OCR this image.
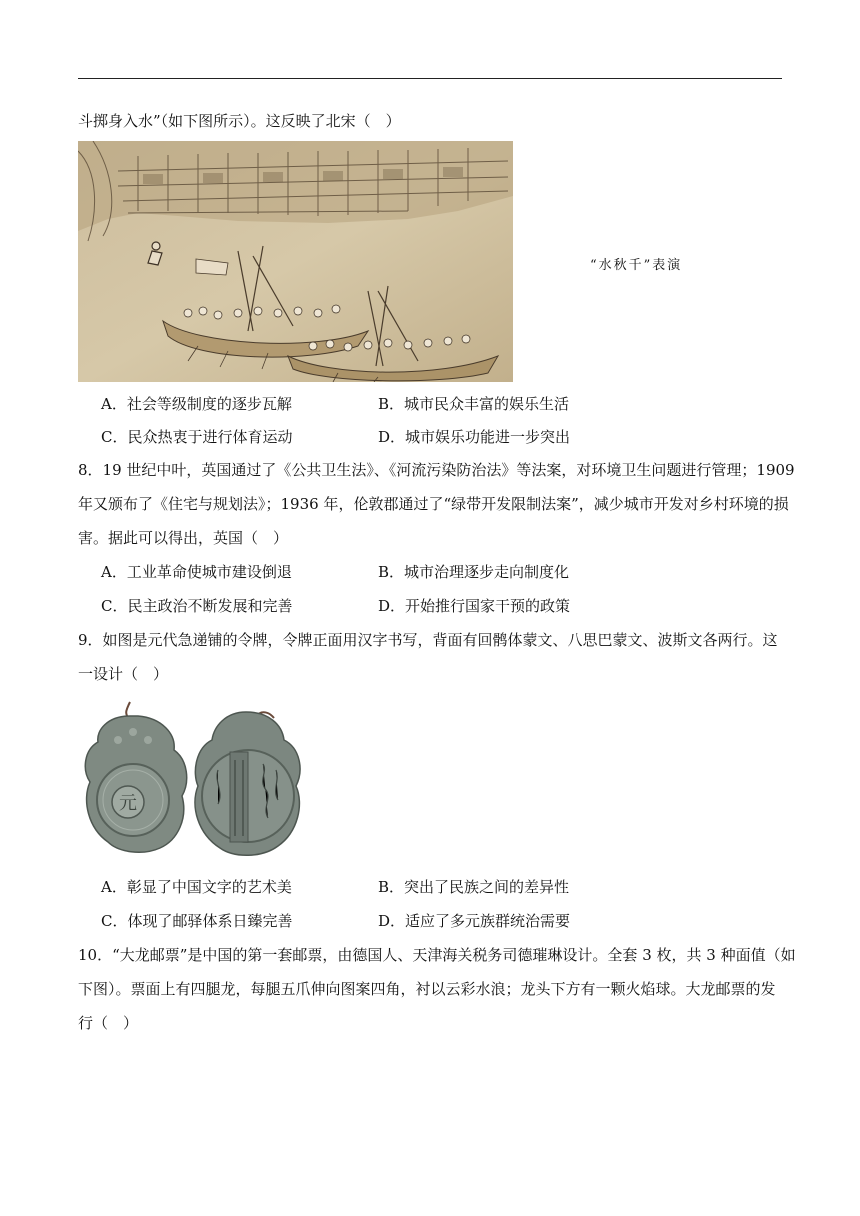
斗掷身入水”（如下图所示）。这反映了北宋（　）
“水秋千”表演
A．社会等级制度的逐步瓦解	B．城市民众丰富的娱乐生活
C．民众热衷于进行体育运动	D．城市娱乐功能进一步突出
8．19 世纪中叶，英国通过了《公共卫生法》、《河流污染防治法》等法案，对环境卫生问题进行管理；1909
年又颁布了《住宅与规划法》；1936 年，伦敦郡通过了“绿带开发限制法案”，减少城市开发对乡村环境的损
害。据此可以得出，英国（　）
A．工业革命使城市建设倒退	B．城市治理逐步走向制度化
C．民主政治不断发展和完善	D．开始推行国家干预的政策
9．如图是元代急递铺的令牌，令牌正面用汉字书写，背面有回鹘体蒙文、八思巴蒙文、波斯文各两行。这
一设计（　）
元
A．彰显了中国文字的艺术美	B．突出了民族之间的差异性
C．体现了邮驿体系日臻完善	D．适应了多元族群统治需要
10．“大龙邮票”是中国的第一套邮票，由德国人、天津海关税务司德璀琳设计。全套 3 枚，共 3 种面值（如
下图）。票面上有四腿龙，每腿五爪伸向图案四角，衬以云彩水浪；龙头下方有一颗火焰球。大龙邮票的发
行（　）
